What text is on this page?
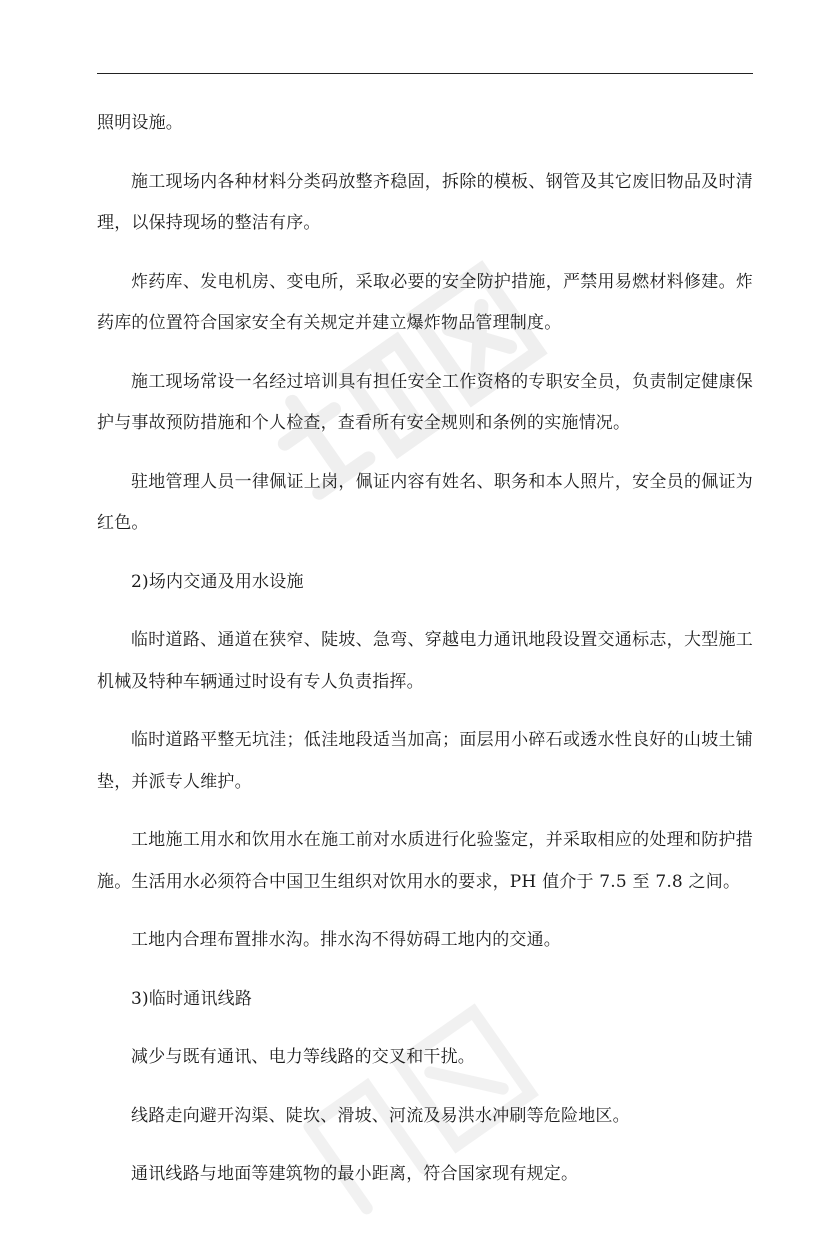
照明设施。

施工现场内各种材料分类码放整齐稳固，拆除的模板、钢管及其它废旧物品及时清理，以保持现场的整洁有序。

炸药库、发电机房、变电所，采取必要的安全防护措施，严禁用易燃材料修建。炸药库的位置符合国家安全有关规定并建立爆炸物品管理制度。

施工现场常设一名经过培训具有担任安全工作资格的专职安全员，负责制定健康保护与事故预防措施和个人检查，查看所有安全规则和条例的实施情况。

驻地管理人员一律佩证上岗，佩证内容有姓名、职务和本人照片，安全员的佩证为红色。

2)场内交通及用水设施

临时道路、通道在狭窄、陡坡、急弯、穿越电力通讯地段设置交通标志，大型施工机械及特种车辆通过时设有专人负责指挥。

临时道路平整无坑洼；低洼地段适当加高；面层用小碎石或透水性良好的山坡土铺垫，并派专人维护。

工地施工用水和饮用水在施工前对水质进行化验鉴定，并采取相应的处理和防护措施。生活用水必须符合中国卫生组织对饮用水的要求，PH 值介于 7.5 至 7.8 之间。

工地内合理布置排水沟。排水沟不得妨碍工地内的交通。

3)临时通讯线路

减少与既有通讯、电力等线路的交叉和干扰。

线路走向避开沟渠、陡坎、滑坡、河流及易洪水冲刷等危险地区。

通讯线路与地面等建筑物的最小距离，符合国家现有规定。
